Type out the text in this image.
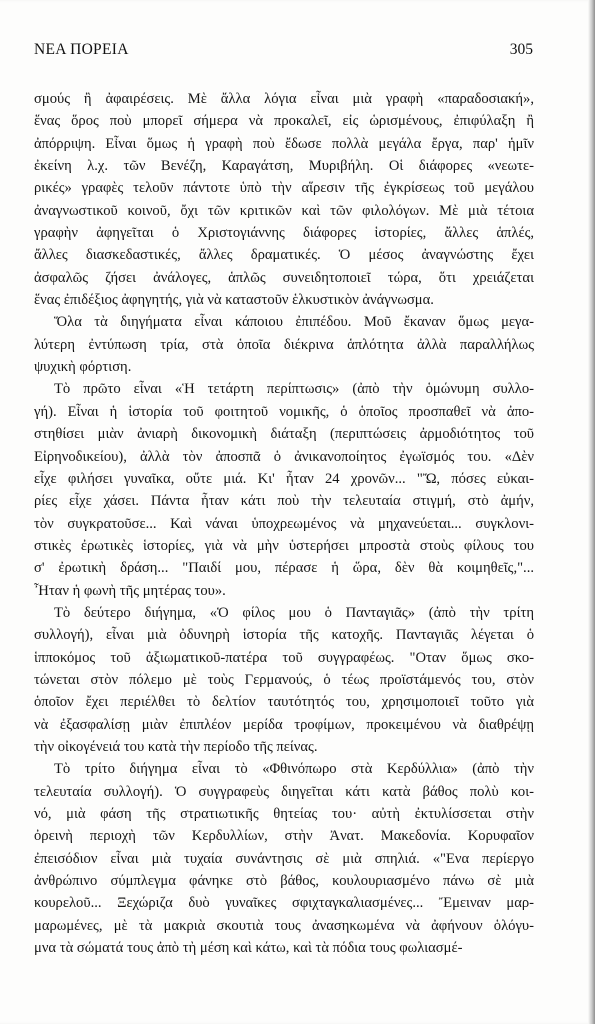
ΝΕΑ ΠΟΡΕΙΑ	305
σμούς ἢ ἀφαιρέσεις. Μὲ ἄλλα λόγια εἶναι μιὰ γραφὴ «παραδοσιακή»,
ἕνας ὅρος ποὺ μπορεῖ σήμερα νὰ προκαλεῖ, εἰς ὡρισμένους, ἐπιφύλαξη ἢ
ἀπόρριψη. Εἶναι ὅμως ἡ γραφὴ ποὺ ἔδωσε πολλὰ μεγάλα ἔργα, παρ' ἡμῖν
ἐκείνη λ.χ. τῶν Βενέζη, Καραγάτση, Μυριβήλη. Οἱ διάφορες «νεωτε-
ρικές» γραφὲς τελοῦν πάντοτε ὑπὸ τὴν αἵρεσιν τῆς ἐγκρίσεως τοῦ μεγάλου
ἀναγνωστικοῦ κοινοῦ, ὄχι τῶν κριτικῶν καὶ τῶν φιλολόγων. Μὲ μιὰ τέτοια
γραφὴν ἀφηγεῖται ὁ Χριστογιάννης διάφορες ἱστορίες, ἄλλες ἁπλές,
ἄλλες διασκεδαστικές, ἄλλες δραματικές. Ὁ μέσος ἀναγνώστης ἔχει
ἀσφαλῶς ζήσει ἀνάλογες, ἁπλῶς συνειδητοποιεῖ τώρα, ὅτι χρειάζεται
ἕνας ἐπιδέξιος ἀφηγητής, γιὰ νὰ καταστοῦν ἑλκυστικὸν ἀνάγνωσμα.
Ὅλα τὰ διηγήματα εἶναι κάποιου ἐπιπέδου. Μοῦ ἔκαναν ὅμως μεγα-
λύτερη ἐντύπωση τρία, στὰ ὁποῖα διέκρινα ἁπλότητα ἀλλὰ παραλλήλως
ψυχικὴ φόρτιση.
Τὸ πρῶτο εἶναι «Ἡ τετάρτη περίπτωσις» (ἀπὸ τὴν ὁμώνυμη συλλο-
γή). Εἶναι ἡ ἱστορία τοῦ φοιτητοῦ νομικῆς, ὁ ὁποῖος προσπαθεῖ νὰ ἀπο-
στηθίσει μιὰν ἀνιαρὴ δικονομικὴ διάταξη (περιπτώσεις ἀρμοδιότητος τοῦ
Εἰρηνοδικείου), ἀλλὰ τὸν ἀποσπᾶ ὁ ἀνικανοποίητος ἐγωϊσμός του. «Δὲν
εἶχε φιλήσει γυναῖκα, οὔτε μιά. Κι' ἦταν 24 χρονῶν... "Ὤ, πόσες εὐκαι-
ρίες εἶχε χάσει. Πάντα ἦταν κάτι ποὺ τὴν τελευταία στιγμή, στὸ ἀμήν,
τὸν συγκρατοῦσε... Καὶ νάναι ὑποχρεωμένος νὰ μηχανεύεται... συγκλονι-
στικὲς ἐρωτικὲς ἱστορίες, γιὰ νὰ μὴν ὑστερήσει μπροστὰ στοὺς φίλους του
σ' ἐρωτικὴ δράση... "Παιδί μου, πέρασε ἡ ὥρα, δὲν θὰ κοιμηθεῖς,"...
Ἦταν ἡ φωνὴ τῆς μητέρας του».
Τὸ δεύτερο διήγημα, «Ὁ φίλος μου ὁ Πανταγιᾶς» (ἀπὸ τὴν τρίτη
συλλογή), εἶναι μιὰ ὀδυνηρὴ ἱστορία τῆς κατοχῆς. Πανταγιᾶς λέγεται ὁ
ἱπποκόμος τοῦ ἀξιωματικοῦ-πατέρα τοῦ συγγραφέως. "Οταν ὅμως σκο-
τώνεται στὸν πόλεμο μὲ τοὺς Γερμανούς, ὁ τέως προϊστάμενός του, στὸν
ὁποῖον ἔχει περιέλθει τὸ δελτίον ταυτότητός του, χρησιμοποιεῖ τοῦτο γιὰ
νὰ ἐξασφαλίσῃ μιὰν ἐπιπλέον μερίδα τροφίμων, προκειμένου νὰ διαθρέψῃ
τὴν οἰκογένειά του κατὰ τὴν περίοδο τῆς πείνας.
Τὸ τρίτο διήγημα εἶναι τὸ «Φθινόπωρο στὰ Κερδύλλια» (ἀπὸ τὴν
τελευταία συλλογή). Ὁ συγγραφεὺς διηγεῖται κάτι κατὰ βάθος πολὺ κοι-
νό, μιὰ φάση τῆς στρατιωτικῆς θητείας του· αὐτὴ ἐκτυλίσσεται στὴν
ὀρεινὴ περιοχὴ τῶν Κερδυλλίων, στὴν Ἀνατ. Μακεδονία. Κορυφαῖον
ἐπεισόδιον εἶναι μιὰ τυχαία συνάντησις σὲ μιὰ σπηλιά. «"Ενα περίεργο
ἀνθρώπινο σύμπλεγμα φάνηκε στὸ βάθος, κουλουριασμένο πάνω σὲ μιὰ
κουρελοῦ... Ξεχώριζα δυὸ γυναῖκες σφιχταγκαλιασμένες... Ἔμειναν μαρ-
μαρωμένες, μὲ τὰ μακριὰ σκουτιὰ τους ἀνασηκωμένα νὰ ἀφήνουν ὁλόγυ-
μνα τὰ σώματά τους ἀπὸ τὴ μέση καὶ κάτω, καὶ τὰ πόδια τους φωλιασμέ-
